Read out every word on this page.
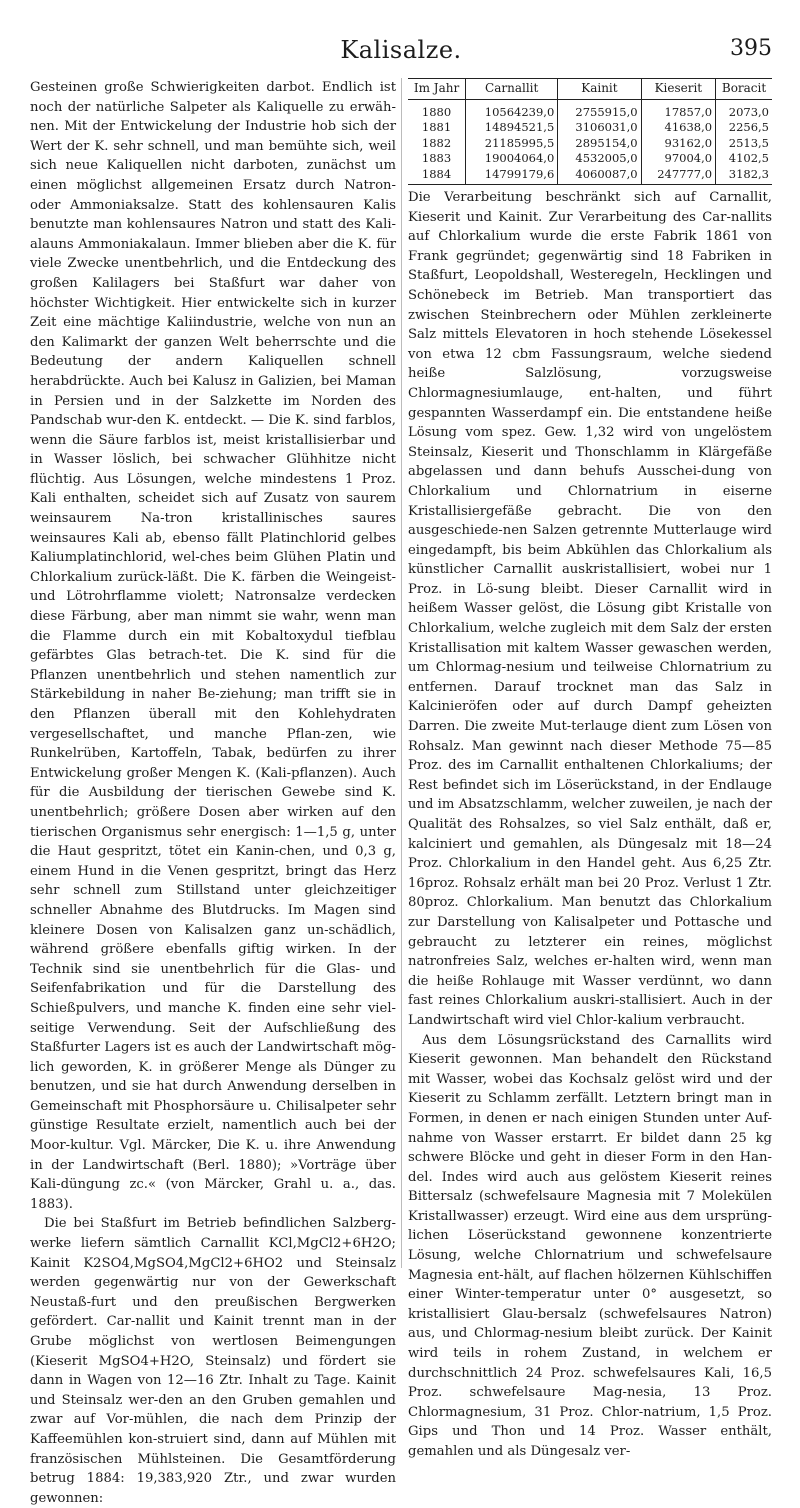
Kalisalze.	395

Gesteinen große Schwierigkeiten darbot. Endlich ist noch der natürliche Salpeter als Kaliquelle zu erwäh-nen. Mit der Entwickelung der Industrie hob sich der Wert der K. sehr schnell, und man bemühte sich, weil sich neue Kaliquellen nicht darboten, zunächst um einen möglichst allgemeinen Ersatz durch Natron- oder Ammoniaksalze. Statt des kohlensauren Kalis benutzte man kohlensaures Natron und statt des Kali-alauns Ammoniakalaun. Immer blieben aber die K. für viele Zwecke unentbehrlich, und die Entdeckung des großen Kalilagers bei Staßfurt war daher von höchster Wichtigkeit. Hier entwickelte sich in kurzer Zeit eine mächtige Kaliindustrie, welche von nun an den Kalimarkt der ganzen Welt beherrschte und die Bedeutung der andern Kaliquellen schnell herabdrückte. Auch bei Kalusz in Galizien, bei Maman in Persien und in der Salzkette im Norden des Pandschab wur-den K. entdeckt. — Die K. sind farblos, wenn die Säure farblos ist, meist kristallisierbar und in Wasser löslich, bei schwacher Glühhitze nicht flüchtig. Aus Lösungen, welche mindestens 1 Proz. Kali enthalten, scheidet sich auf Zusatz von saurem weinsaurem Na-tron kristallinisches saures weinsaures Kali ab, ebenso fällt Platinchlorid gelbes Kaliumplatinchlorid, wel-ches beim Glühen Platin und Chlorkalium zurück-läßt. Die K. färben die Weingeist- und Lötrohrflamme violett; Natronsalze verdecken diese Färbung, aber man nimmt sie wahr, wenn man die Flamme durch ein mit Kobaltoxydul tiefblau gefärbtes Glas betrach-tet. Die K. sind für die Pflanzen unentbehrlich und stehen namentlich zur Stärkebildung in naher Be-ziehung; man trifft sie in den Pflanzen überall mit den Kohlehydraten vergesellschaftet, und manche Pflan-zen, wie Runkelrüben, Kartoffeln, Tabak, bedürfen zu ihrer Entwickelung großer Mengen K. (Kali-pflanzen). Auch für die Ausbildung der tierischen Gewebe sind K. unentbehrlich; größere Dosen aber wirken auf den tierischen Organismus sehr energisch: 1—1,5 g, unter die Haut gespritzt, tötet ein Kanin-chen, und 0,3 g, einem Hund in die Venen gespritzt, bringt das Herz sehr schnell zum Stillstand unter gleichzeitiger schneller Abnahme des Blutdrucks. Im Magen sind kleinere Dosen von Kalisalzen ganz un-schädlich, während größere ebenfalls giftig wirken. In der Technik sind sie unentbehrlich für die Glas- und Seifenfabrikation und für die Darstellung des Schießpulvers, und manche K. finden eine sehr viel-seitige Verwendung. Seit der Aufschließung des Staßfurter Lagers ist es auch der Landwirtschaft mög-lich geworden, K. in größerer Menge als Dünger zu benutzen, und sie hat durch Anwendung derselben in Gemeinschaft mit Phosphorsäure u. Chilisalpeter sehr günstige Resultate erzielt, namentlich auch bei der Moor-kultur. Vgl. Märcker, Die K. u. ihre Anwendung in der Landwirtschaft (Berl. 1880); »Vorträge über Kali-düngung zc.« (von Märcker, Grahl u. a., das. 1883).

Die bei Staßfurt im Betrieb befindlichen Salzberg-werke liefern sämtlich Carnallit KCl,MgCl2+6H2O; Kainit K2SO4,MgSO4,MgCl2+6HO2 und Steinsalz werden gegenwärtig nur von der Gewerkschaft Neustaß-furt und den preußischen Bergwerken gefördert. Car-nallit und Kainit trennt man in der Grube möglichst von wertlosen Beimengungen (Kieserit MgSO4+H2O, Steinsalz) und fördert sie dann in Wagen von 12—16 Ztr. Inhalt zu Tage. Kainit und Steinsalz wer-den an den Gruben gemahlen und zwar auf Vor-mühlen, die nach dem Prinzip der Kaffeemühlen kon-struiert sind, dann auf Mühlen mit französischen Mühlsteinen. Die Gesamtförderung betrug 1884: 19,383,920 Ztr., und zwar wurden gewonnen:

Im Jahr	Carnallit	Kainit	Kieserit	Boracit
1880	10564239,0	2755915,0	17857,0	2073,0
1881	14894521,5	3106031,0	41638,0	2256,5
1882	21185995,5	2895154,0	93162,0	2513,5
1883	19004064,0	4532005,0	97004,0	4102,5
1884	14799179,6	4060087,0	247777,0	3182,3

Die Verarbeitung beschränkt sich auf Carnallit, Kieserit und Kainit. Zur Verarbeitung des Car-nallits auf Chlorkalium wurde die erste Fabrik 1861 von Frank gegründet; gegenwärtig sind 18 Fabriken in Staßfurt, Leopoldshall, Westeregeln, Hecklingen und Schönebeck im Betrieb. Man transportiert das zwischen Steinbrechern oder Mühlen zerkleinerte Salz mittels Elevatoren in hoch stehende Lösekessel von etwa 12 cbm Fassungsraum, welche siedend heiße Salzlösung, vorzugsweise Chlormagnesiumlauge, ent-halten, und führt gespannten Wasserdampf ein. Die entstandene heiße Lösung vom spez. Gew. 1,32 wird von ungelöstem Steinsalz, Kieserit und Thonschlamm in Klärgefäße abgelassen und dann behufs Ausschei-dung von Chlorkalium und Chlornatrium in eiserne Kristallisiergefäße gebracht. Die von den ausgeschiede-nen Salzen getrennte Mutterlauge wird eingedampft, bis beim Abkühlen das Chlorkalium als künstlicher Carnallit auskristallisiert, wobei nur 1 Proz. in Lö-sung bleibt. Dieser Carnallit wird in heißem Wasser gelöst, die Lösung gibt Kristalle von Chlorkalium, welche zugleich mit dem Salz der ersten Kristallisation mit kaltem Wasser gewaschen werden, um Chlormag-nesium und teilweise Chlornatrium zu entfernen. Darauf trocknet man das Salz in Kalcinieröfen oder auf durch Dampf geheizten Darren. Die zweite Mut-terlauge dient zum Lösen von Rohsalz. Man gewinnt nach dieser Methode 75—85 Proz. des im Carnallit enthaltenen Chlorkaliums; der Rest befindet sich im Löserückstand, in der Endlauge und im Absatzschlamm, welcher zuweilen, je nach der Qualität des Rohsalzes, so viel Salz enthält, daß er, kalciniert und gemahlen, als Düngesalz mit 18—24 Proz. Chlorkalium in den Handel geht. Aus 6,25 Ztr. 16proz. Rohsalz erhält man bei 20 Proz. Verlust 1 Ztr. 80proz. Chlorkalium. Man benutzt das Chlorkalium zur Darstellung von Kalisalpeter und Pottasche und gebraucht zu letzterer ein reines, möglichst natronfreies Salz, welches er-halten wird, wenn man die heiße Rohlauge mit Wasser verdünnt, wo dann fast reines Chlorkalium auskri-stallisiert. Auch in der Landwirtschaft wird viel Chlor-kalium verbraucht.

Aus dem Lösungsrückstand des Carnallits wird Kieserit gewonnen. Man behandelt den Rückstand mit Wasser, wobei das Kochsalz gelöst wird und der Kieserit zu Schlamm zerfällt. Letztern bringt man in Formen, in denen er nach einigen Stunden unter Auf-nahme von Wasser erstarrt. Er bildet dann 25 kg schwere Blöcke und geht in dieser Form in den Han-del. Indes wird auch aus gelöstem Kieserit reines Bittersalz (schwefelsaure Magnesia mit 7 Molekülen Kristallwasser) erzeugt. Wird eine aus dem ursprüng-lichen Löserückstand gewonnene konzentrierte Lösung, welche Chlornatrium und schwefelsaure Magnesia ent-hält, auf flachen hölzernen Kühlschiffen einer Winter-temperatur unter 0° ausgesetzt, so kristallisiert Glau-bersalz (schwefelsaures Natron) aus, und Chlormag-nesium bleibt zurück. Der Kainit wird teils in rohem Zustand, in welchem er durchschnittlich 24 Proz. schwefelsaures Kali, 16,5 Proz. schwefelsaure Mag-nesia, 13 Proz. Chlormagnesium, 31 Proz. Chlor-natrium, 1,5 Proz. Gips und Thon und 14 Proz. Wasser enthält, gemahlen und als Düngesalz ver-
